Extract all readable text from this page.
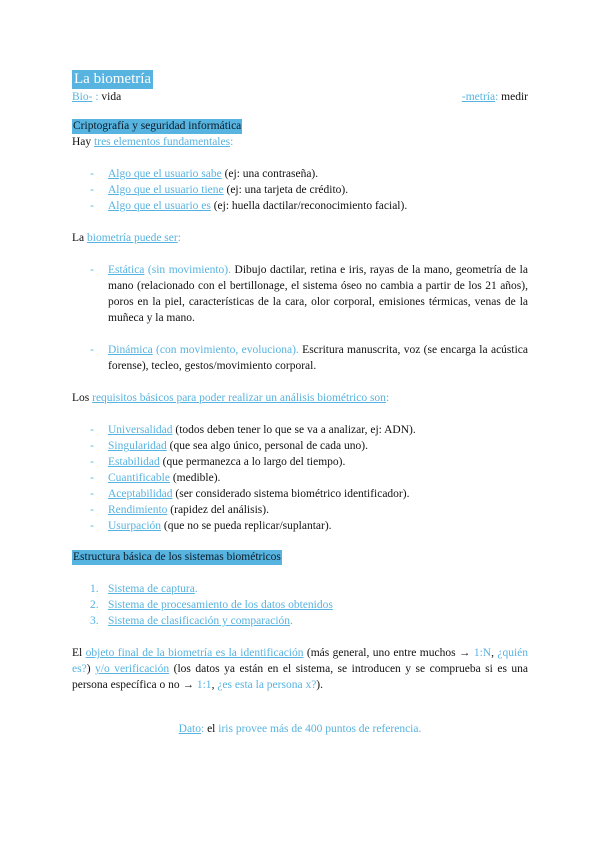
La biometría
Bio- : vida	-metría: medir
Criptografía y seguridad informática

Hay tres elementos fundamentales:

- Algo que el usuario sabe (ej: una contraseña).
- Algo que el usuario tiene (ej: una tarjeta de crédito).
- Algo que el usuario es (ej: huella dactilar/reconocimiento facial).

La biometría puede ser:

- Estática (sin movimiento). Dibujo dactilar, retina e iris, rayas de la mano, geometría de la mano (relacionado con el bertillonage, el sistema óseo no cambia a partir de los 21 años), poros en la piel, características de la cara, olor corporal, emisiones térmicas, venas de la muñeca y la mano.
- Dinámica (con movimiento, evoluciona). Escritura manuscrita, voz (se encarga la acústica forense), tecleo, gestos/movimiento corporal.

Los requisitos básicos para poder realizar un análisis biométrico son:

- Universalidad (todos deben tener lo que se va a analizar, ej: ADN).
- Singularidad (que sea algo único, personal de cada uno).
- Estabilidad (que permanezca a lo largo del tiempo).
- Cuantificable (medible).
- Aceptabilidad (ser considerado sistema biométrico identificador).
- Rendimiento (rapidez del análisis).
- Usurpación (que no se pueda replicar/suplantar).
Estructura básica de los sistemas biométricos
1. Sistema de captura.
2. Sistema de procesamiento de los datos obtenidos
3. Sistema de clasificación y comparación.

El objeto final de la biometría es la identificación (más general, uno entre muchos → 1:N, ¿quién es?) y/o verificación (los datos ya están en el sistema, se introducen y se comprueba si es una persona específica o no → 1:1, ¿es esta la persona x?).

Dato: el iris provee más de 400 puntos de referencia.
